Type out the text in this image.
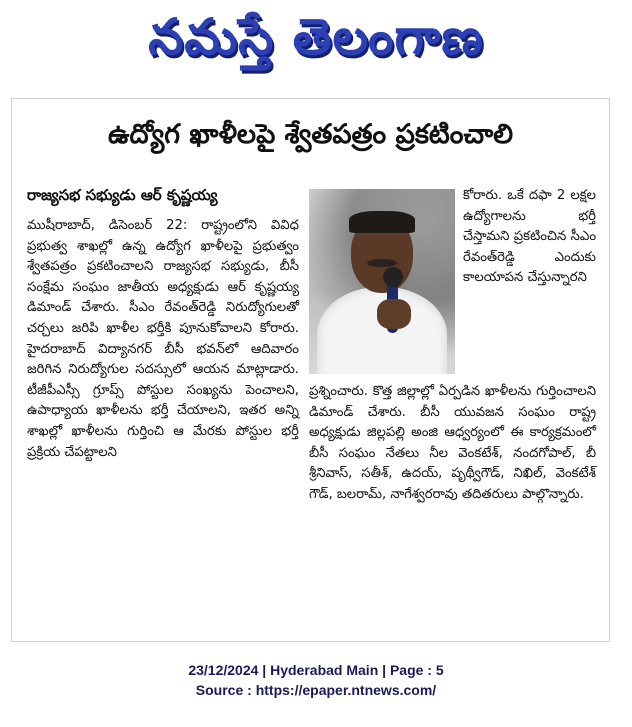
నమస్తే తెలంగాణ
ఉద్యోగ ఖాళీలపై శ్వేతపత్రం ప్రకటించాలి
రాజ్యసభ సభ్యుడు ఆర్‌ కృష్ణయ్య

ముషీరాబాద్‌, డిసెంబర్‌ 22: రాష్ట్రంలోని వివిధ ప్రభుత్వ శాఖల్లో ఉన్న ఉద్యోగ ఖాళీలపై ప్రభుత్వం శ్వేతపత్రం ప్రకటించాలని రాజ్యసభ సభ్యుడు, బీసీ సంక్షేమ సంఘం జాతీయ అధ్యక్షుడు ఆర్‌ కృష్ణయ్య డిమాండ్‌ చేశారు. సీఎం రేవంత్‌రెడ్డి నిరుద్యోగులతో చర్చలు జరిపి ఖాళీల భర్తీకి పూనుకోవాలని కోరారు. హైదరాబాద్‌ విద్యానగర్‌ బీసీ భవన్‌లో ఆదివారం జరిగిన నిరుద్యోగుల సదస్సులో ఆయన మాట్లాడారు. టీజీపీఎస్సీ గ్రూప్స్‌ పోస్టుల సంఖ్యను పెంచాలని, ఉపాధ్యాయ ఖాళీలను భర్తీ చేయాలని, ఇతర అన్ని శాఖల్లో ఖాళీలను గుర్తించి ఆ మేరకు పోస్టుల భర్తీ ప్రక్రియ చేపట్టాలని

కోరారు. ఒకే దఫా 2 లక్షల ఉద్యోగాలను భర్తీ చేస్తామని ప్రకటించిన సీఎం రేవంత్‌రెడ్డి ఎందుకు కాలయాపన చేస్తున్నారని
ప్రశ్నించారు. కొత్త జిల్లాల్లో ఏర్పడిన ఖాళీలను గుర్తించాలని డిమాండ్‌ చేశారు. బీసీ యువజన సంఘం రాష్ట్ర అధ్యక్షుడు జిల్లపల్లి అంజి ఆధ్వర్యంలో ఈ కార్యక్రమంలో బీసీ సంఘం నేతలు నీల వెంకటేశ్‌, నందగోపాల్‌, బీ శ్రీనివాస్‌, సతీశ్‌, ఉదయ్‌, పృథ్వీగౌడ్‌, నిఖిల్‌, వెంకటేశ్‌ గౌడ్‌, బలరామ్‌, నాగేశ్వరరావు తదితరులు పాల్గొన్నారు.
23/12/2024 | Hyderabad Main | Page : 5
Source : https://epaper.ntnews.com/
